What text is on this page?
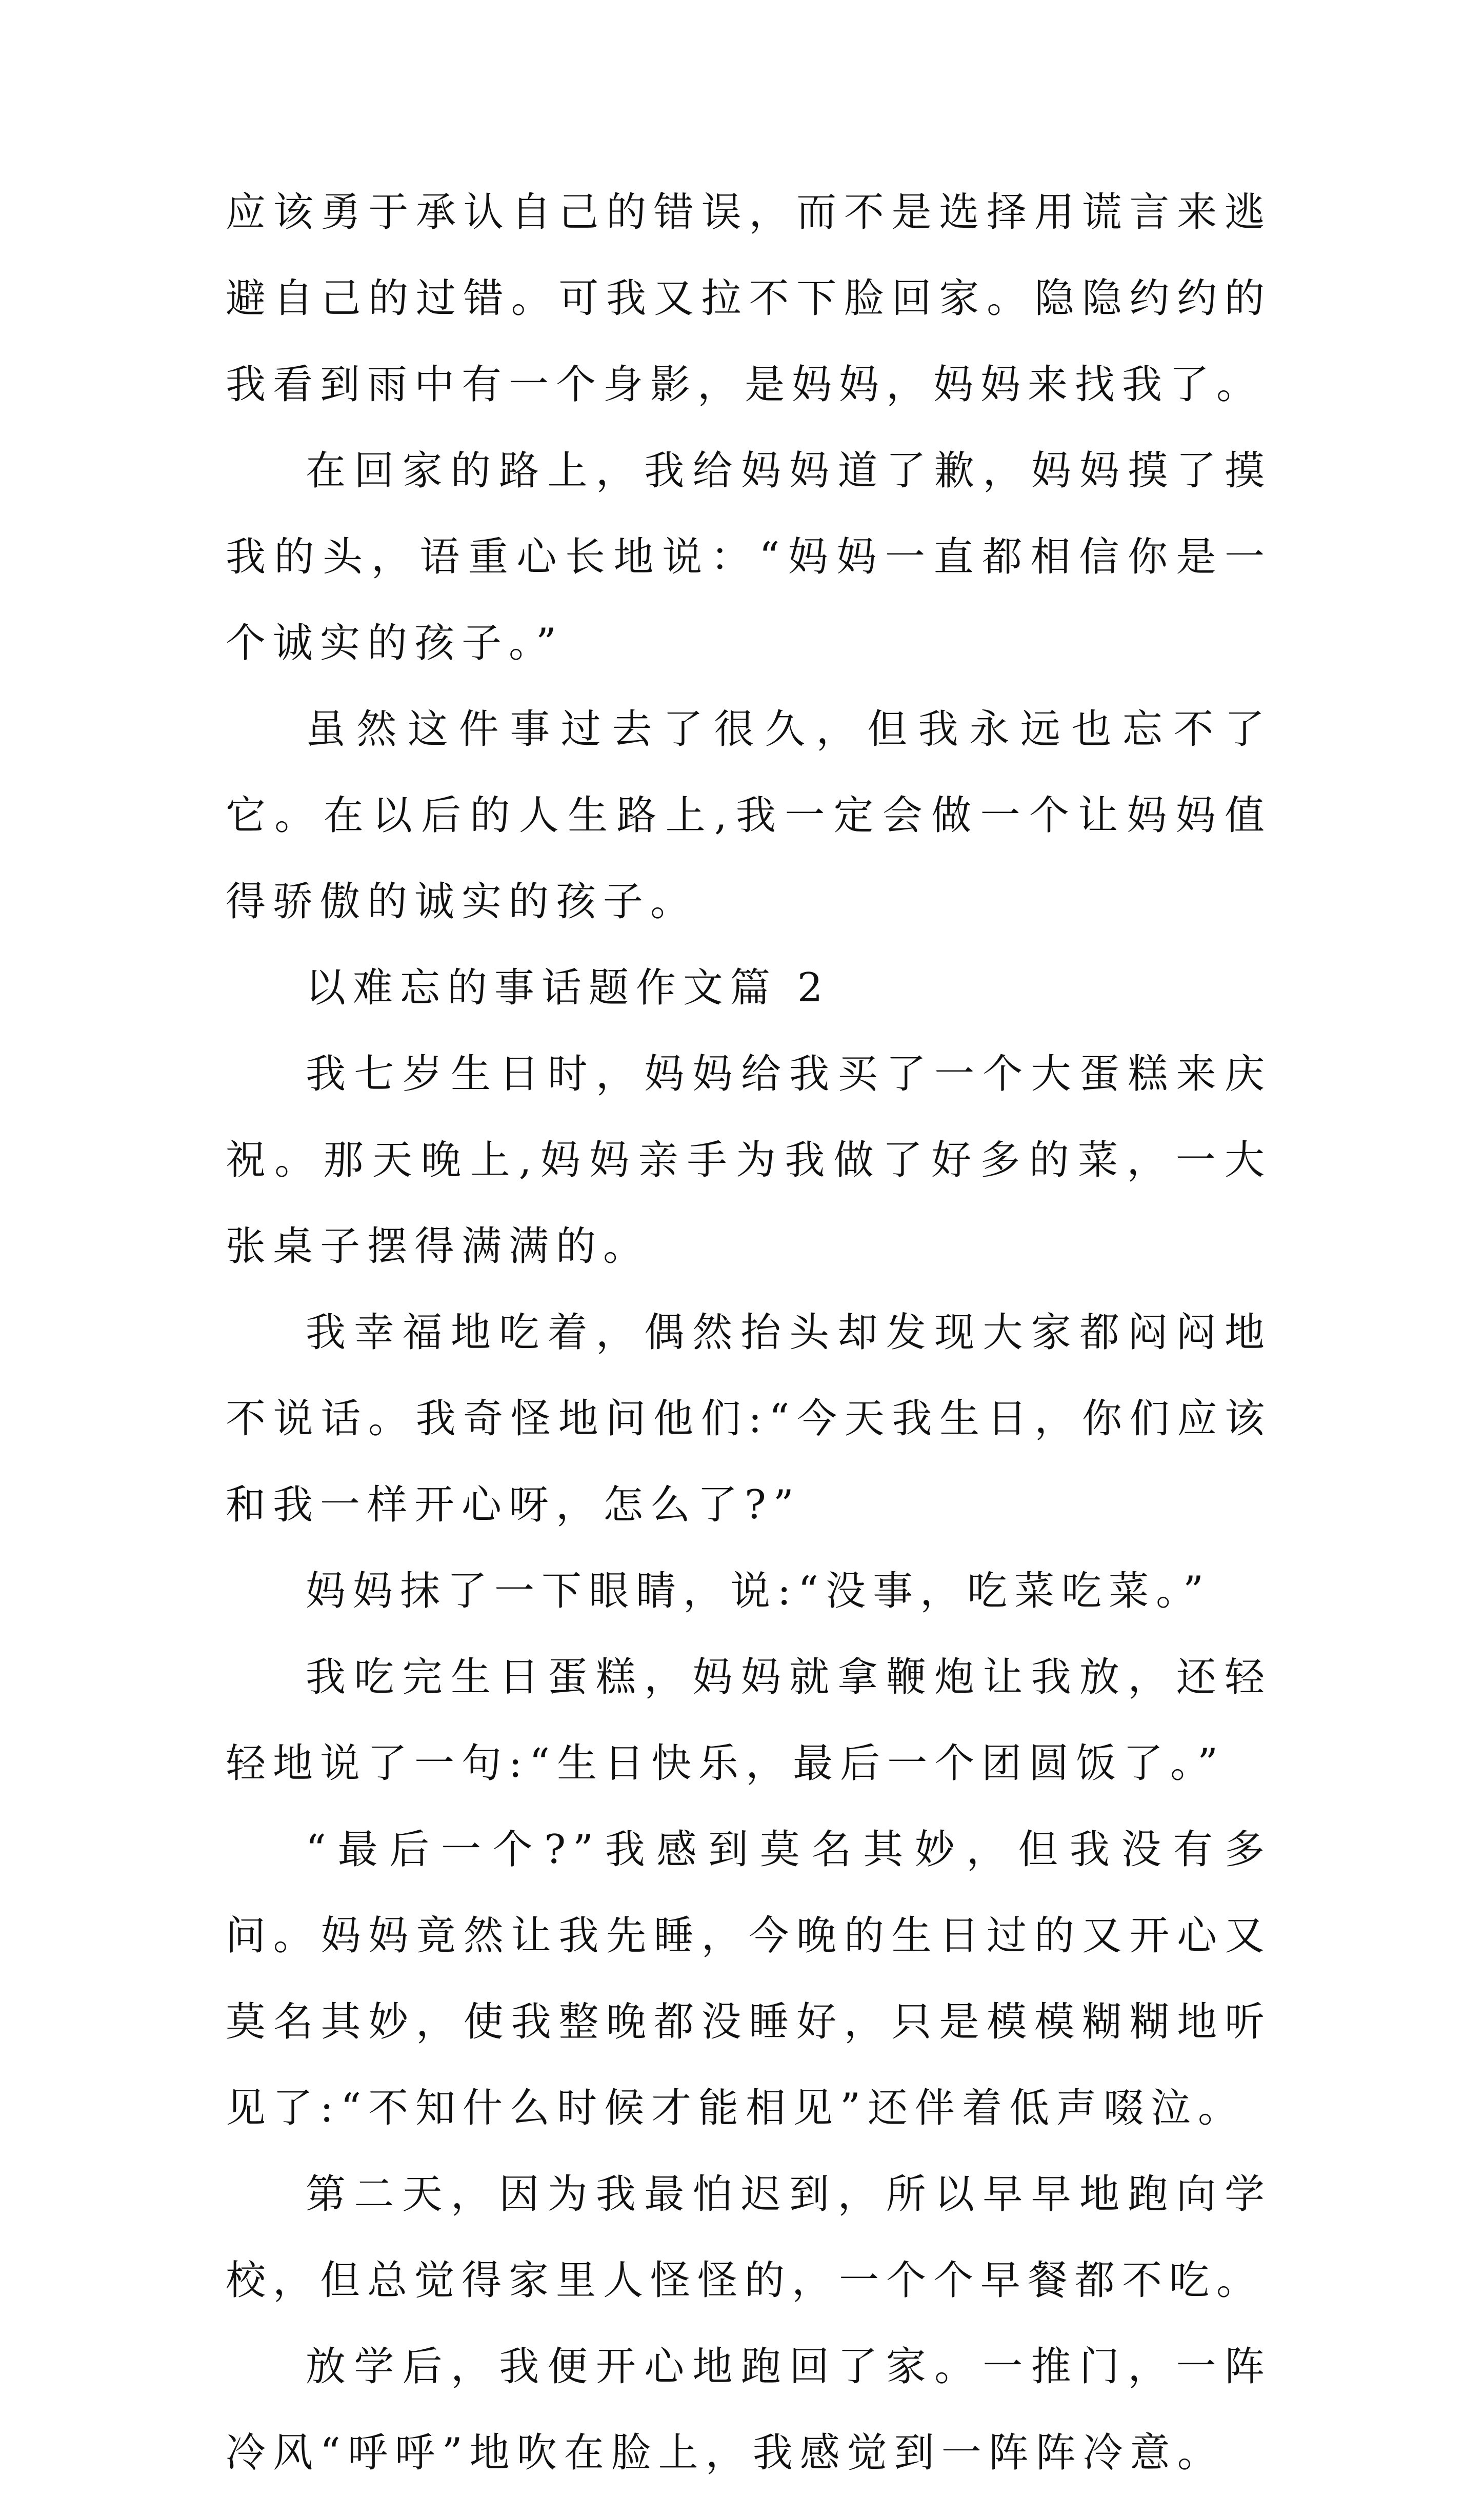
应该勇于承认自己的错误，而不是选择用谎言来逃避自己的过错。可我又拉不下脸回家。隐隐约约的我看到雨中有一个身影，是妈妈，妈妈来找我了。

在回家的路上，我给妈妈道了歉，妈妈摸了摸我的头，语重心长地说：“妈妈一直都相信你是一个诚实的孩子。”

虽然这件事过去了很久，但我永远也忘不了它。在以后的人生路上,我一定会做一个让妈妈值得骄傲的诚实的孩子。

以难忘的事话题作文篇 2

我七岁生日时，妈妈给我买了一个大蛋糕来庆祝。那天晚上,妈妈亲手为我做了好多的菜，一大张桌子摆得满满的。

我幸福地吃着，偶然抬头却发现大家都闷闷地不说话。我奇怪地问他们:“今天我生日，你们应该和我一样开心呀，怎么了?”

妈妈抹了一下眼睛，说:“没事，吃菜吃菜。”

我吃完生日蛋糕，妈妈就拿鞭炮让我放，还轻轻地说了一句:“生日快乐，最后一个团圆饭了。”

“最后一个?”我感到莫名其妙，但我没有多问。妈妈竟然让我先睡，今晚的生日过的又开心又莫名其妙，使我整晚都没睡好，只是模模糊糊地听见了:“不知什么时候才能相见”还伴着低声啜泣。

第二天，因为我最怕迟到，所以早早地跑向学校，但总觉得家里人怪怪的，一个个早餐都不吃。

放学后，我便开心地跑回了家。一推门，一阵冷风“呼呼”地吹在脸上，我感觉到一阵阵冷意。
